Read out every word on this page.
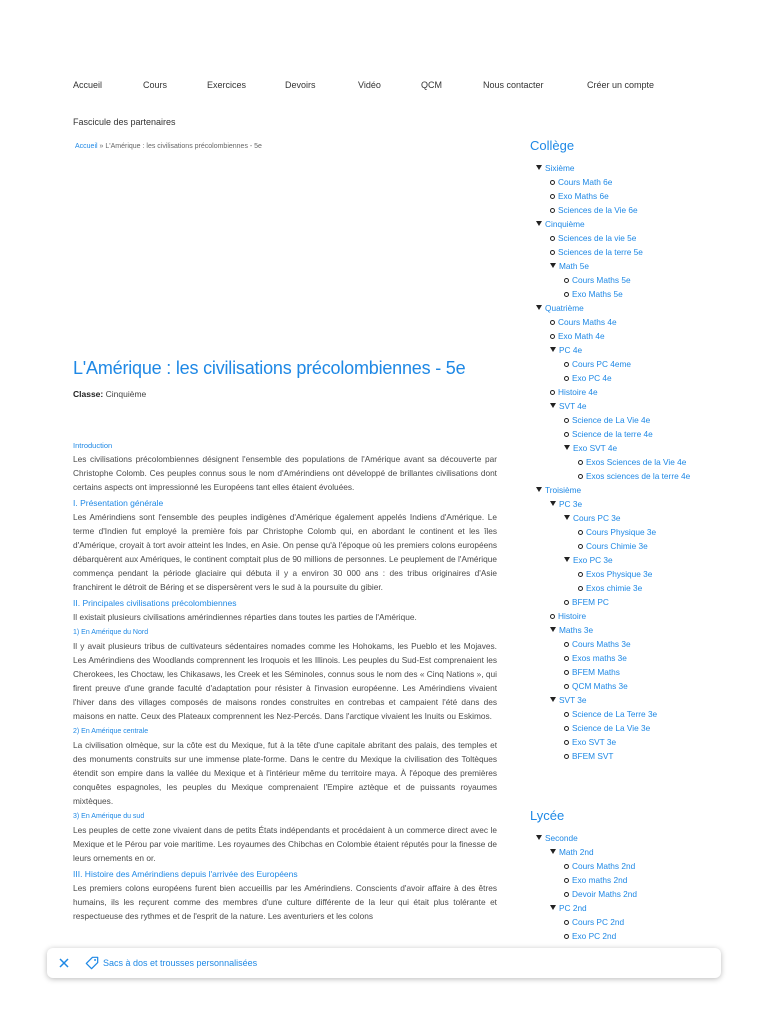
Accueil	Cours	Exercices	Devoirs	Vidéo	QCM	Nous contacter	Créer un compte
Fascicule des partenaires
Accueil » L'Amérique : les civilisations précolombiennes - 5e
L'Amérique : les civilisations précolombiennes - 5e
Classe: Cinquième
Introduction

Les civilisations précolombiennes désignent l'ensemble des populations de l'Amérique avant sa découverte par Christophe Colomb. Ces peuples connus sous le nom d'Amérindiens ont développé de brillantes civilisations dont certains aspects ont impressionné les Européens tant elles étaient évoluées.

I. Présentation générale

Les Amérindiens sont l'ensemble des peuples indigènes d'Amérique également appelés Indiens d'Amérique. Le terme d'Indien fut employé la première fois par Christophe Colomb qui, en abordant le continent et les îles d'Amérique, croyait à tort avoir atteint les Indes, en Asie. On pense qu'à l'époque où les premiers colons européens débarquèrent aux Amériques, le continent comptait plus de 90 millions de personnes. Le peuplement de l'Amérique commença pendant la période glaciaire qui débuta il y a environ 30 000 ans : des tribus originaires d'Asie franchirent le détroit de Béring et se dispersèrent vers le sud à la poursuite du gibier.

II. Principales civilisations précolombiennes

Il existait plusieurs civilisations amérindiennes réparties dans toutes les parties de l'Amérique.

1) En Amérique du Nord

Il y avait plusieurs tribus de cultivateurs sédentaires nomades comme les Hohokams, les Pueblo et les Mojaves. Les Amérindiens des Woodlands comprennent les Iroquois et les Illinois. Les peuples du Sud-Est comprenaient les Cherokees, les Choctaw, les Chikasaws, les Creek et les Séminoles, connus sous le nom des « Cinq Nations », qui firent preuve d'une grande faculté d'adaptation pour résister à l'invasion européenne. Les Amérindiens vivaient l'hiver dans des villages composés de maisons rondes construites en contrebas et campaient l'été dans des maisons en natte. Ceux des Plateaux comprennent les Nez-Percés. Dans l'arctique vivaient les Inuits ou Eskimos.

2) En Amérique centrale

La civilisation olmèque, sur la côte est du Mexique, fut à la tête d'une capitale abritant des palais, des temples et des monuments construits sur une immense plate-forme. Dans le centre du Mexique la civilisation des Toltèques étendit son empire dans la vallée du Mexique et à l'intérieur même du territoire maya. À l'époque des premières conquêtes espagnoles, les peuples du Mexique comprenaient l'Empire aztèque et de puissants royaumes mixtèques.

3) En Amérique du sud

Les peuples de cette zone vivaient dans de petits États indépendants et procédaient à un commerce direct avec le Mexique et le Pérou par voie maritime. Les royaumes des Chibchas en Colombie étaient réputés pour la finesse de leurs ornements en or.

III. Histoire des Amérindiens depuis l'arrivée des Européens

Les premiers colons européens furent bien accueillis par les Amérindiens. Conscients d'avoir affaire à des êtres humains, ils les reçurent comme des membres d'une culture différente de la leur qui était plus tolérante et respectueuse des rythmes et de l'esprit de la nature. Les aventuriers et les colons

Collège
Sixième
Cours Math 6e
Exo Maths 6e
Sciences de la Vie 6e
Cinquième
Sciences de la vie 5e
Sciences de la terre 5e
Math 5e
Cours Maths 5e
Exo Maths 5e
Quatrième
Cours Maths 4e
Exo Math 4e
PC 4e
Cours PC 4eme
Exo PC 4e
Histoire 4e
SVT 4e
Science de La Vie 4e
Science de la terre 4e
Exo SVT 4e
Exos Sciences de la Vie 4e
Exos sciences de la terre 4e
Troisième
PC 3e
Cours PC 3e
Cours Physique 3e
Cours Chimie 3e
Exo PC 3e
Exos Physique 3e
Exos chimie 3e
BFEM PC
Histoire
Maths 3e
Cours Maths 3e
Exos maths 3e
BFEM Maths
QCM Maths 3e
SVT 3e
Science de La Terre 3e
Science de La Vie 3e
Exo SVT 3e
BFEM SVT
Lycée
Seconde
Math 2nd
Cours Maths 2nd
Exo maths 2nd
Devoir Maths 2nd
PC 2nd
Cours PC 2nd
Exo PC 2nd
Sacs à dos et trousses personnalisées
